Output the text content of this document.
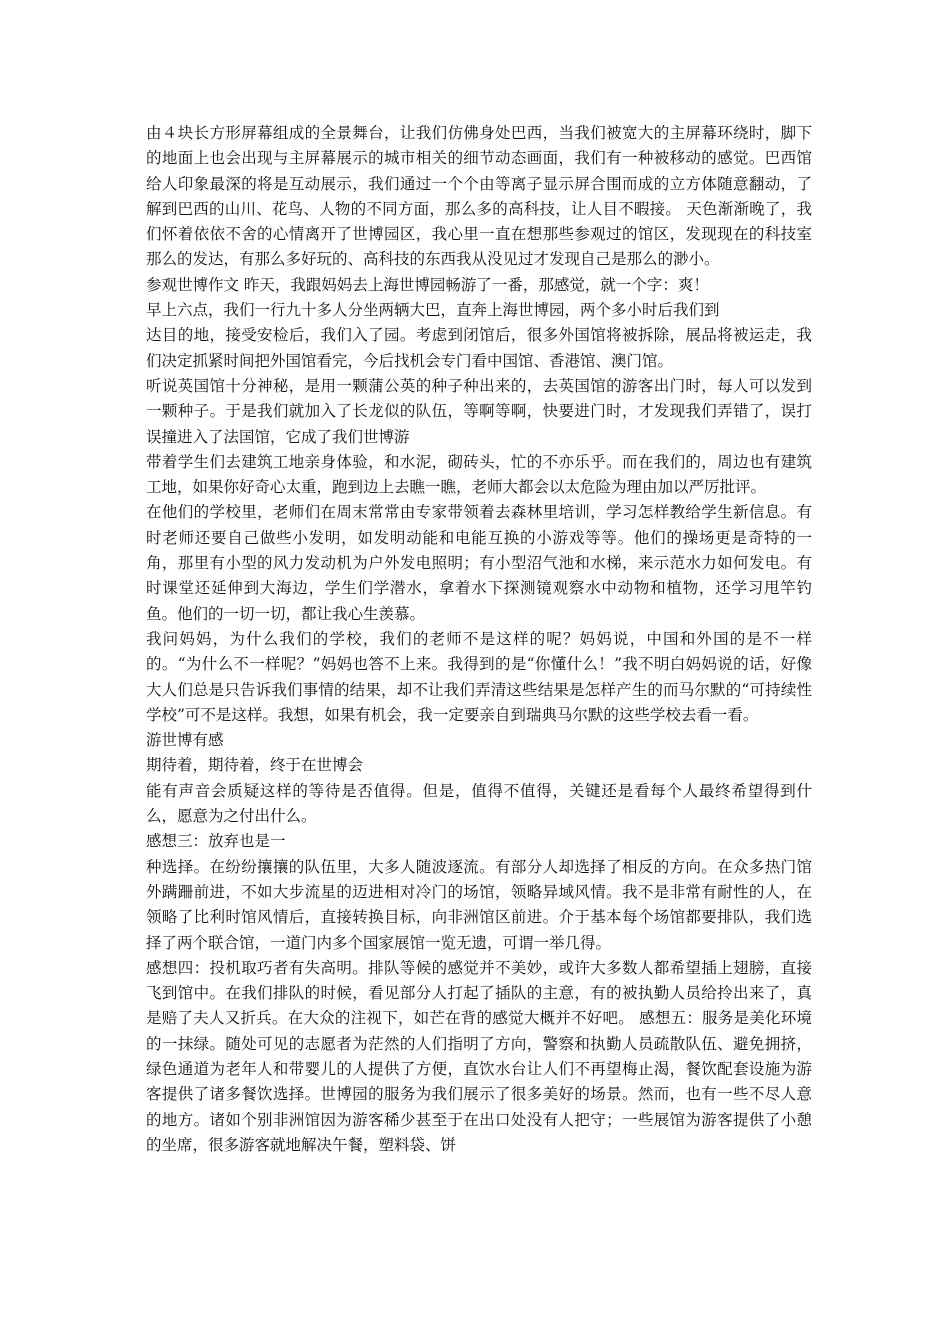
由４块长方形屏幕组成的全景舞台，让我们仿佛身处巴西，当我们被宽大的主屏幕环绕时，脚下的地面上也会出现与主屏幕展示的城市相关的细节动态画面，我们有一种被移动的感觉。巴西馆给人印象最深的将是互动展示，我们通过一个个由等离子显示屏合围而成的立方体随意翻动，了解到巴西的山川、花鸟、人物的不同方面，那么多的高科技，让人目不暇接。 天色渐渐晚了，我们怀着依依不舍的心情离开了世博园区，我心里一直在想那些参观过的馆区，发现现在的科技室那么的发达，有那么多好玩的、高科技的东西我从没见过才发现自己是那么的渺小。

参观世博作文 昨天，我跟妈妈去上海世博园畅游了一番，那感觉，就一个字：爽！

早上六点，我们一行九十多人分坐两辆大巴，直奔上海世博园，两个多小时后我们到

达目的地，接受安检后，我们入了园。考虑到闭馆后，很多外国馆将被拆除，展品将被运走，我们决定抓紧时间把外国馆看完，今后找机会专门看中国馆、香港馆、澳门馆。

听说英国馆十分神秘，是用一颗蒲公英的种子种出来的，去英国馆的游客出门时，每人可以发到一颗种子。于是我们就加入了长龙似的队伍，等啊等啊，快要进门时，才发现我们弄错了，误打误撞进入了法国馆，它成了我们世博游

带着学生们去建筑工地亲身体验，和水泥，砌砖头，忙的不亦乐乎。而在我们的，周边也有建筑工地，如果你好奇心太重，跑到边上去瞧一瞧，老师大都会以太危险为理由加以严厉批评。

在他们的学校里，老师们在周末常常由专家带领着去森林里培训，学习怎样教给学生新信息。有时老师还要自己做些小发明，如发明动能和电能互换的小游戏等等。他们的操场更是奇特的一角，那里有小型的风力发动机为户外发电照明；有小型沼气池和水梯，来示范水力如何发电。有时课堂还延伸到大海边，学生们学潜水，拿着水下探测镜观察水中动物和植物，还学习甩竿钓鱼。他们的一切一切，都让我心生羡慕。

我问妈妈，为什么我们的学校，我们的老师不是这样的呢？妈妈说，中国和外国的是不一样的。“为什么不一样呢？”妈妈也答不上来。我得到的是“你懂什么！”我不明白妈妈说的话，好像大人们总是只告诉我们事情的结果，却不让我们弄清这些结果是怎样产生的而马尔默的“可持续性学校”可不是这样。我想，如果有机会，我一定要亲自到瑞典马尔默的这些学校去看一看。

游世博有感

期待着，期待着，终于在世博会

能有声音会质疑这样的等待是否值得。但是，值得不值得，关键还是看每个人最终希望得到什么，愿意为之付出什么。

感想三：放弃也是一

种选择。在纷纷攘攘的队伍里，大多人随波逐流。有部分人却选择了相反的方向。在众多热门馆外蹒跚前进，不如大步流星的迈进相对冷门的场馆，领略异域风情。我不是非常有耐性的人，在领略了比利时馆风情后，直接转换目标，向非洲馆区前进。介于基本每个场馆都要排队，我们选择了两个联合馆，一道门内多个国家展馆一览无遗，可谓一举几得。

感想四：投机取巧者有失高明。排队等候的感觉并不美妙，或许大多数人都希望插上翅膀，直接飞到馆中。在我们排队的时候，看见部分人打起了插队的主意，有的被执勤人员给拎出来了，真是赔了夫人又折兵。在大众的注视下，如芒在背的感觉大概并不好吧。 感想五：服务是美化环境的一抹绿。随处可见的志愿者为茫然的人们指明了方向，警察和执勤人员疏散队伍、避免拥挤，绿色通道为老年人和带婴儿的人提供了方便，直饮水台让人们不再望梅止渴，餐饮配套设施为游客提供了诸多餐饮选择。世博园的服务为我们展示了很多美好的场景。然而，也有一些不尽人意的地方。诸如个别非洲馆因为游客稀少甚至于在出口处没有人把守；一些展馆为游客提供了小憩的坐席，很多游客就地解决午餐，塑料袋、饼
